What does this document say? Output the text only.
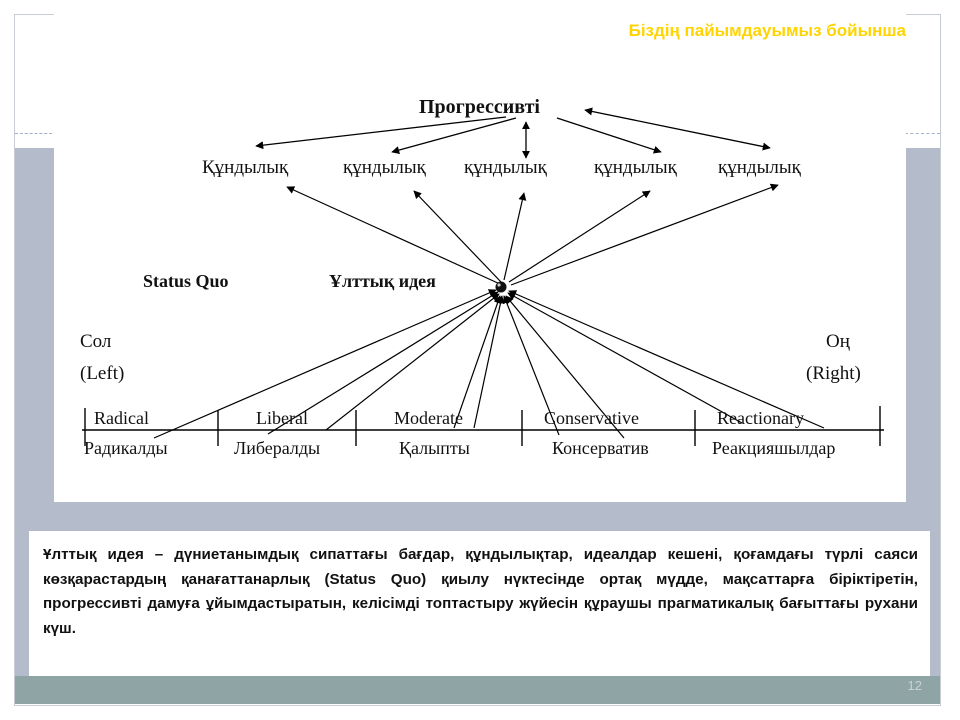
12
Біздің пайымдауымыз бойынша
Прогрессивті
Құндылық	құндылық құндылық құндылық құндылық
Status Quo	Ұлттық идея
Сол
(Left)
Оң
(Right)
Radical
Радикалды
Liberal
Либералды
Moderate
Қалыпты
Conservative
Консерватив
Reactionary
Реакцияшылдар

Ұлттық идея – дүниетанымдық сипаттағы бағдар, құндылықтар, идеалдар кешені, қоғамдағы түрлі саяси көзқарастардың қанағаттанарлық (Status Quo) қиылу нүктесінде ортақ мүдде, мақсаттарға біріктіретін, прогрессивті дамуға ұйымдастыратын, келісімді топтастыру жүйесін құраушы прагматикалық бағыттағы рухани күш.
